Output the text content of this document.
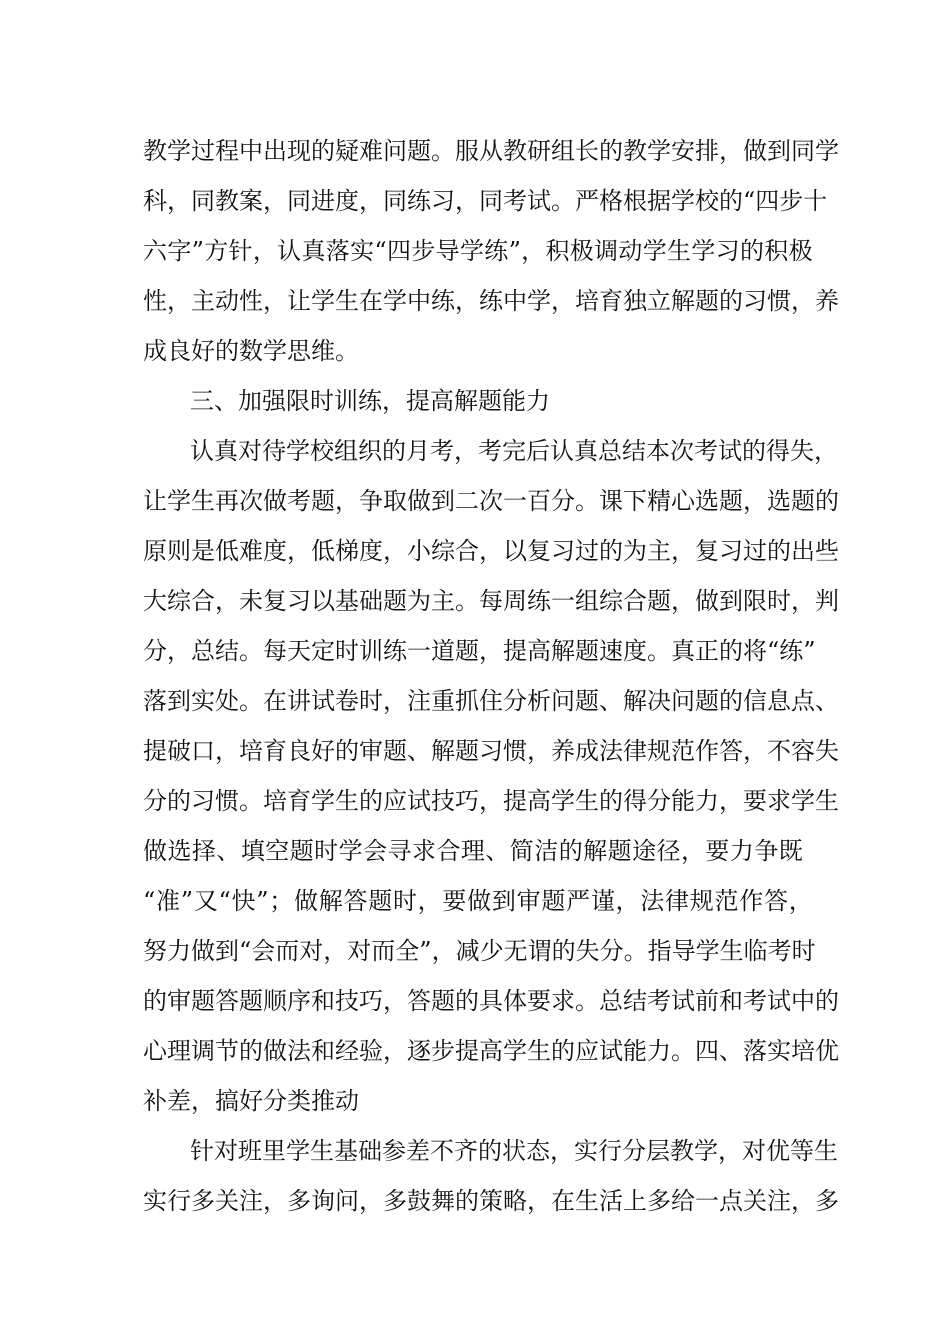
教 学 过 程 中 出 现 的 疑 难 问 题 。 服 从 教 研 组 长 的 教 学 安 排 ， 做 到 同 学
科 ， 同 教 案 ， 同 进 度 ， 同 练 习 ， 同 考 试 。 严 格 根 据 学 校 的 “ 四 步 十
六 字 ” 方 针 ， 认 真 落 实 “ 四 步 导 学 练 ” ， 积 极 调 动 学 生 学 习 的 积 极
性 ， 主 动 性 ， 让 学 生 在 学 中 练 ， 练 中 学 ， 培 育 独 立 解 题 的 习 惯 ， 养
成良好的数学思维。
三、加强限时训练，提高解题能力
认 真 对 待 学 校 组 织 的 月 考 ， 考 完 后 认 真 总 结 本 次 考 试 的 得 失 ，
让 学 生 再 次 做 考 题 ， 争 取 做 到 二 次 一 百 分 。 课 下 精 心 选 题 ， 选 题 的
原 则 是 低 难 度 ， 低 梯 度 ， 小 综 合 ， 以 复 习 过 的 为 主 ， 复 习 过 的 出 些
大 综 合 ， 未 复 习 以 基 础 题 为 主 。 每 周 练 一 组 综 合 题 ， 做 到 限 时 ， 判
分 ， 总 结 。 每 天 定 时 训 练 一 道 题 ， 提 高 解 题 速 度 。 真 正 的 将 “ 练 ”
落 到 实 处 。 在 讲 试 卷 时 ， 注 重 抓 住 分 析 问 题 、 解 决 问 题 的 信 息 点 、
提 破 口 ， 培 育 良 好 的 审 题 、 解 题 习 惯 ， 养 成 法 律 规 范 作 答 ， 不 容 失
分 的 习 惯 。 培 育 学 生 的 应 试 技 巧 ， 提 高 学 生 的 得 分 能 力 ， 要 求 学 生
做 选 择 、 填 空 题 时 学 会 寻 求 合 理 、 简 洁 的 解 题 途 径 ， 要 力 争 既
“ 准 ” 又 “ 快 ” ； 做 解 答 题 时 ， 要 做 到 审 题 严 谨 ， 法 律 规 范 作 答 ，
努 力 做 到 “ 会 而 对 ， 对 而 全 ” ， 减 少 无 谓 的 失 分 。 指 导 学 生 临 考 时
的 审 题 答 题 顺 序 和 技 巧 ， 答 题 的 具 体 要 求 。 总 结 考 试 前 和 考 试 中 的
心 理 调 节 的 做 法 和 经 验 ， 逐 步 提 高 学 生 的 应 试 能 力 。 四 、 落 实 培 优
补差，搞好分类推动
针 对 班 里 学 生 基 础 参 差 不 齐 的 状 态 ， 实 行 分 层 教 学 ， 对 优 等 生
实 行 多 关 注 ， 多 询 问 ， 多 鼓 舞 的 策 略 ， 在 生 活 上 多 给 一 点 关 注 ， 多
